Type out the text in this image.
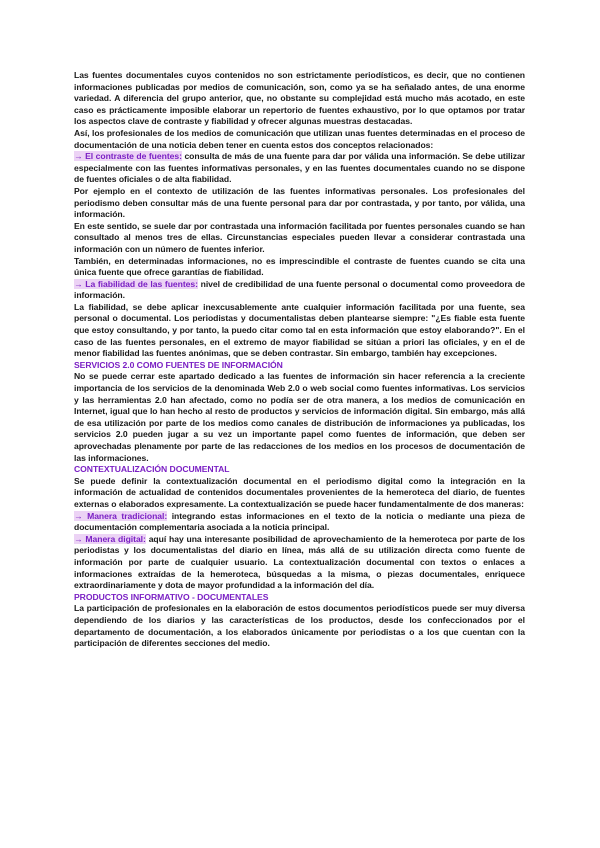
Las fuentes documentales cuyos contenidos no son estrictamente periodísticos, es decir, que no contienen informaciones publicadas por medios de comunicación, son, como ya se ha señalado antes, de una enorme variedad. A diferencia del grupo anterior, que, no obstante su complejidad está mucho más acotado, en este caso es prácticamente imposible elaborar un repertorio de fuentes exhaustivo, por lo que optamos por tratar los aspectos clave de contraste y fiabilidad y ofrecer algunas muestras destacadas.

Así, los profesionales de los medios de comunicación que utilizan unas fuentes determinadas en el proceso de documentación de una noticia deben tener en cuenta estos dos conceptos relacionados:

→ El contraste de fuentes: consulta de más de una fuente para dar por válida una información. Se debe utilizar especialmente con las fuentes informativas personales, y en las fuentes documentales cuando no se dispone de fuentes oficiales o de alta fiabilidad.

Por ejemplo en el contexto de utilización de las fuentes informativas personales. Los profesionales del periodismo deben consultar más de una fuente personal para dar por contrastada, y por tanto, por válida, una información.

En este sentido, se suele dar por contrastada una información facilitada por fuentes personales cuando se han consultado al menos tres de ellas. Circunstancias especiales pueden llevar a considerar contrastada una información con un número de fuentes inferior.

También, en determinadas informaciones, no es imprescindible el contraste de fuentes cuando se cita una única fuente que ofrece garantías de fiabilidad.

→ La fiabilidad de las fuentes: nivel de credibilidad de una fuente personal o documental como proveedora de información.

La fiabilidad, se debe aplicar inexcusablemente ante cualquier información facilitada por una fuente, sea personal o documental. Los periodistas y documentalistas deben plantearse siempre: "¿Es fiable esta fuente que estoy consultando, y por tanto, la puedo citar como tal en esta información que estoy elaborando?". En el caso de las fuentes personales, en el extremo de mayor fiabilidad se sitúan a priori las oficiales, y en el de menor fiabilidad las fuentes anónimas, que se deben contrastar. Sin embargo, también hay excepciones.

SERVICIOS 2.0 COMO FUENTES DE INFORMACIÓN

No se puede cerrar este apartado dedicado a las fuentes de información sin hacer referencia a la creciente importancia de los servicios de la denominada Web 2.0 o web social como fuentes informativas. Los servicios y las herramientas 2.0 han afectado, como no podía ser de otra manera, a los medios de comunicación en Internet, igual que lo han hecho al resto de productos y servicios de información digital. Sin embargo, más allá de esa utilización por parte de los medios como canales de distribución de informaciones ya publicadas, los servicios 2.0 pueden jugar a su vez un importante papel como fuentes de información, que deben ser aprovechadas plenamente por parte de las redacciones de los medios en los procesos de documentación de las informaciones.

CONTEXTUALIZACIÓN DOCUMENTAL

Se puede definir la contextualización documental en el periodismo digital como la integración en la información de actualidad de contenidos documentales provenientes de la hemeroteca del diario, de fuentes externas o elaborados expresamente. La contextualización se puede hacer fundamentalmente de dos maneras:

→ Manera tradicional: integrando estas informaciones en el texto de la noticia o mediante una pieza de documentación complementaria asociada a la noticia principal.

→ Manera digital: aquí hay una interesante posibilidad de aprovechamiento de la hemeroteca por parte de los periodistas y los documentalistas del diario en línea, más allá de su utilización directa como fuente de información por parte de cualquier usuario. La contextualización documental con textos o enlaces a informaciones extraídas de la hemeroteca, búsquedas a la misma, o piezas documentales, enriquece extraordinariamente y dota de mayor profundidad a la información del día.

PRODUCTOS INFORMATIVO - DOCUMENTALES

La participación de profesionales en la elaboración de estos documentos periodísticos puede ser muy diversa dependiendo de los diarios y las características de los productos, desde los confeccionados por el departamento de documentación, a los elaborados únicamente por periodistas o a los que cuentan con la participación de diferentes secciones del medio.
